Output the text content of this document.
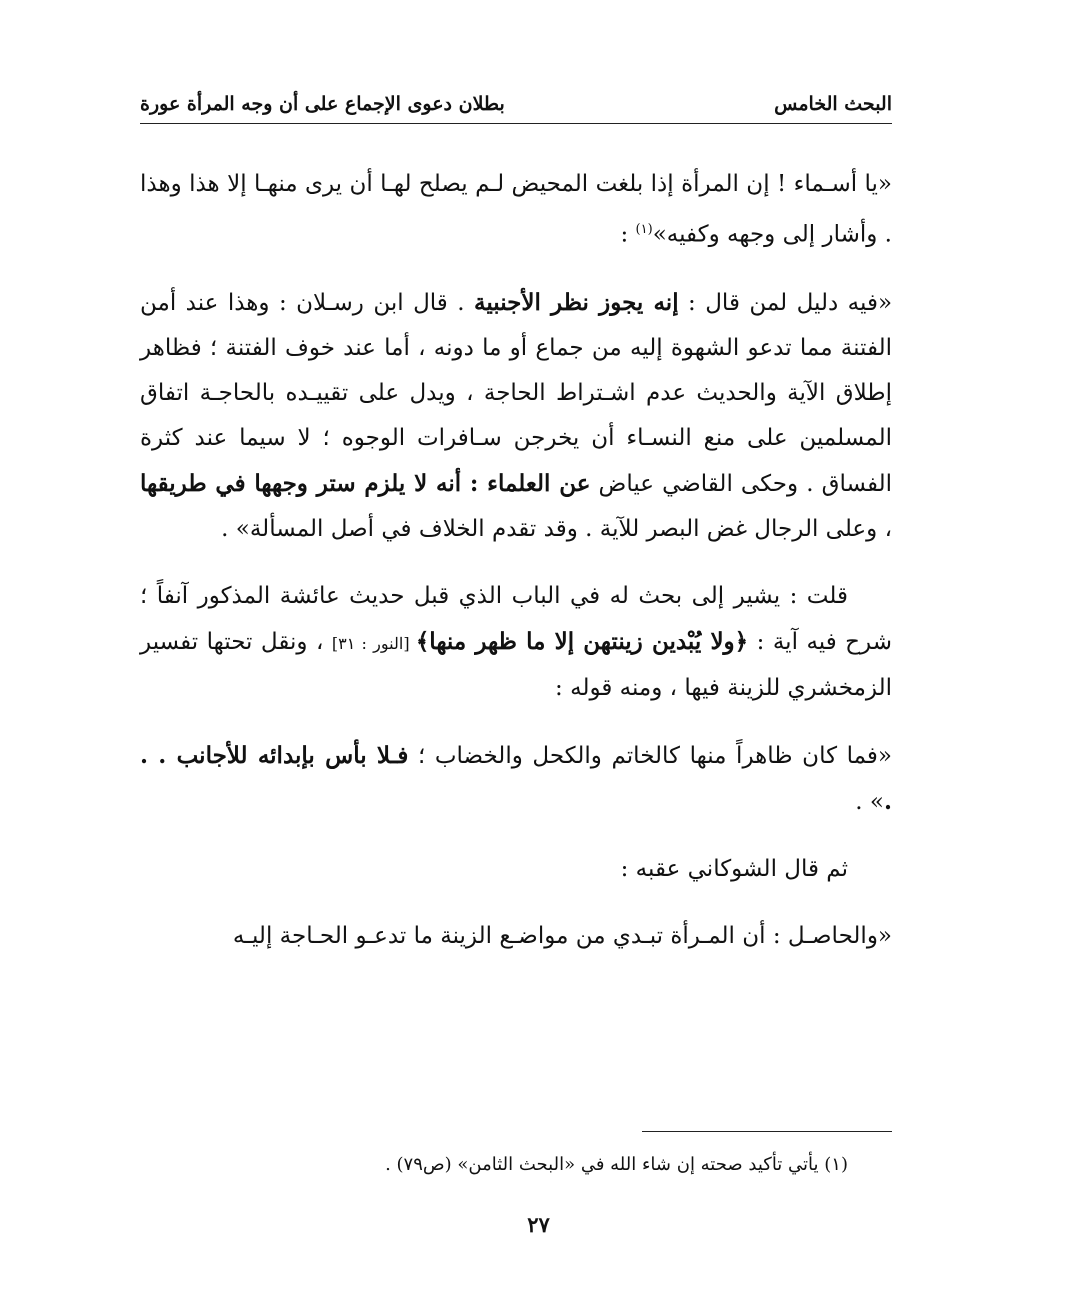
البحث الخامس
بطلان دعوى الإجماع على أن وجه المرأة عورة

«يا أسـماء ! إن المرأة إذا بلغت المحيض لـم يصلح لهـا أن يرى منهـا إلا هذا وهذا . وأشار إلى وجهه وكفيه»$^{(١)}$ :

«فيه دليل لمن قال : إنه يجوز نظر الأجنبية . قال ابن رسـلان : وهذا عند أمن الفتنة مما تدعو الشهوة إليه من جماع أو ما دونه ، أما عند خوف الفتنة ؛ فظاهر إطلاق الآية والحديث عدم اشـتراط الحاجة ، ويدل على تقييـده بالحاجـة اتفاق المسلمين على منع النسـاء أن يخرجن سـافرات الوجوه ؛ لا سيما عند كثرة الفساق . وحكى القاضي عياض عن العلماء : أنه لا يلزم ستر وجهها في طريقها ، وعلى الرجال غض البصر للآية . وقد تقدم الخلاف في أصل المسألة» .

قلت : يشير إلى بحث له في الباب الذي قبل حديث عائشة المذكور آنفاً ؛ شرح فيه آية : ﴿ولا يُبْدين زينتهن إلا ما ظهر منها﴾ [النور : ٣١] ، ونقل تحتها تفسير الزمخشري للزينة فيها ، ومنه قوله :

«فما كان ظاهراً منها كالخاتم والكحل والخضاب ؛ فـلا بأس بإبدائه للأجانب . . .» .

ثم قال الشوكاني عقبه :

«والحاصـل : أن المـرأة تبـدي من مواضـع الزينة ما تدعـو الحـاجة إليـه

(١) يأتي تأكيد صحته إن شاء الله في «البحث الثامن» (ص٧٩) .
٢٧
